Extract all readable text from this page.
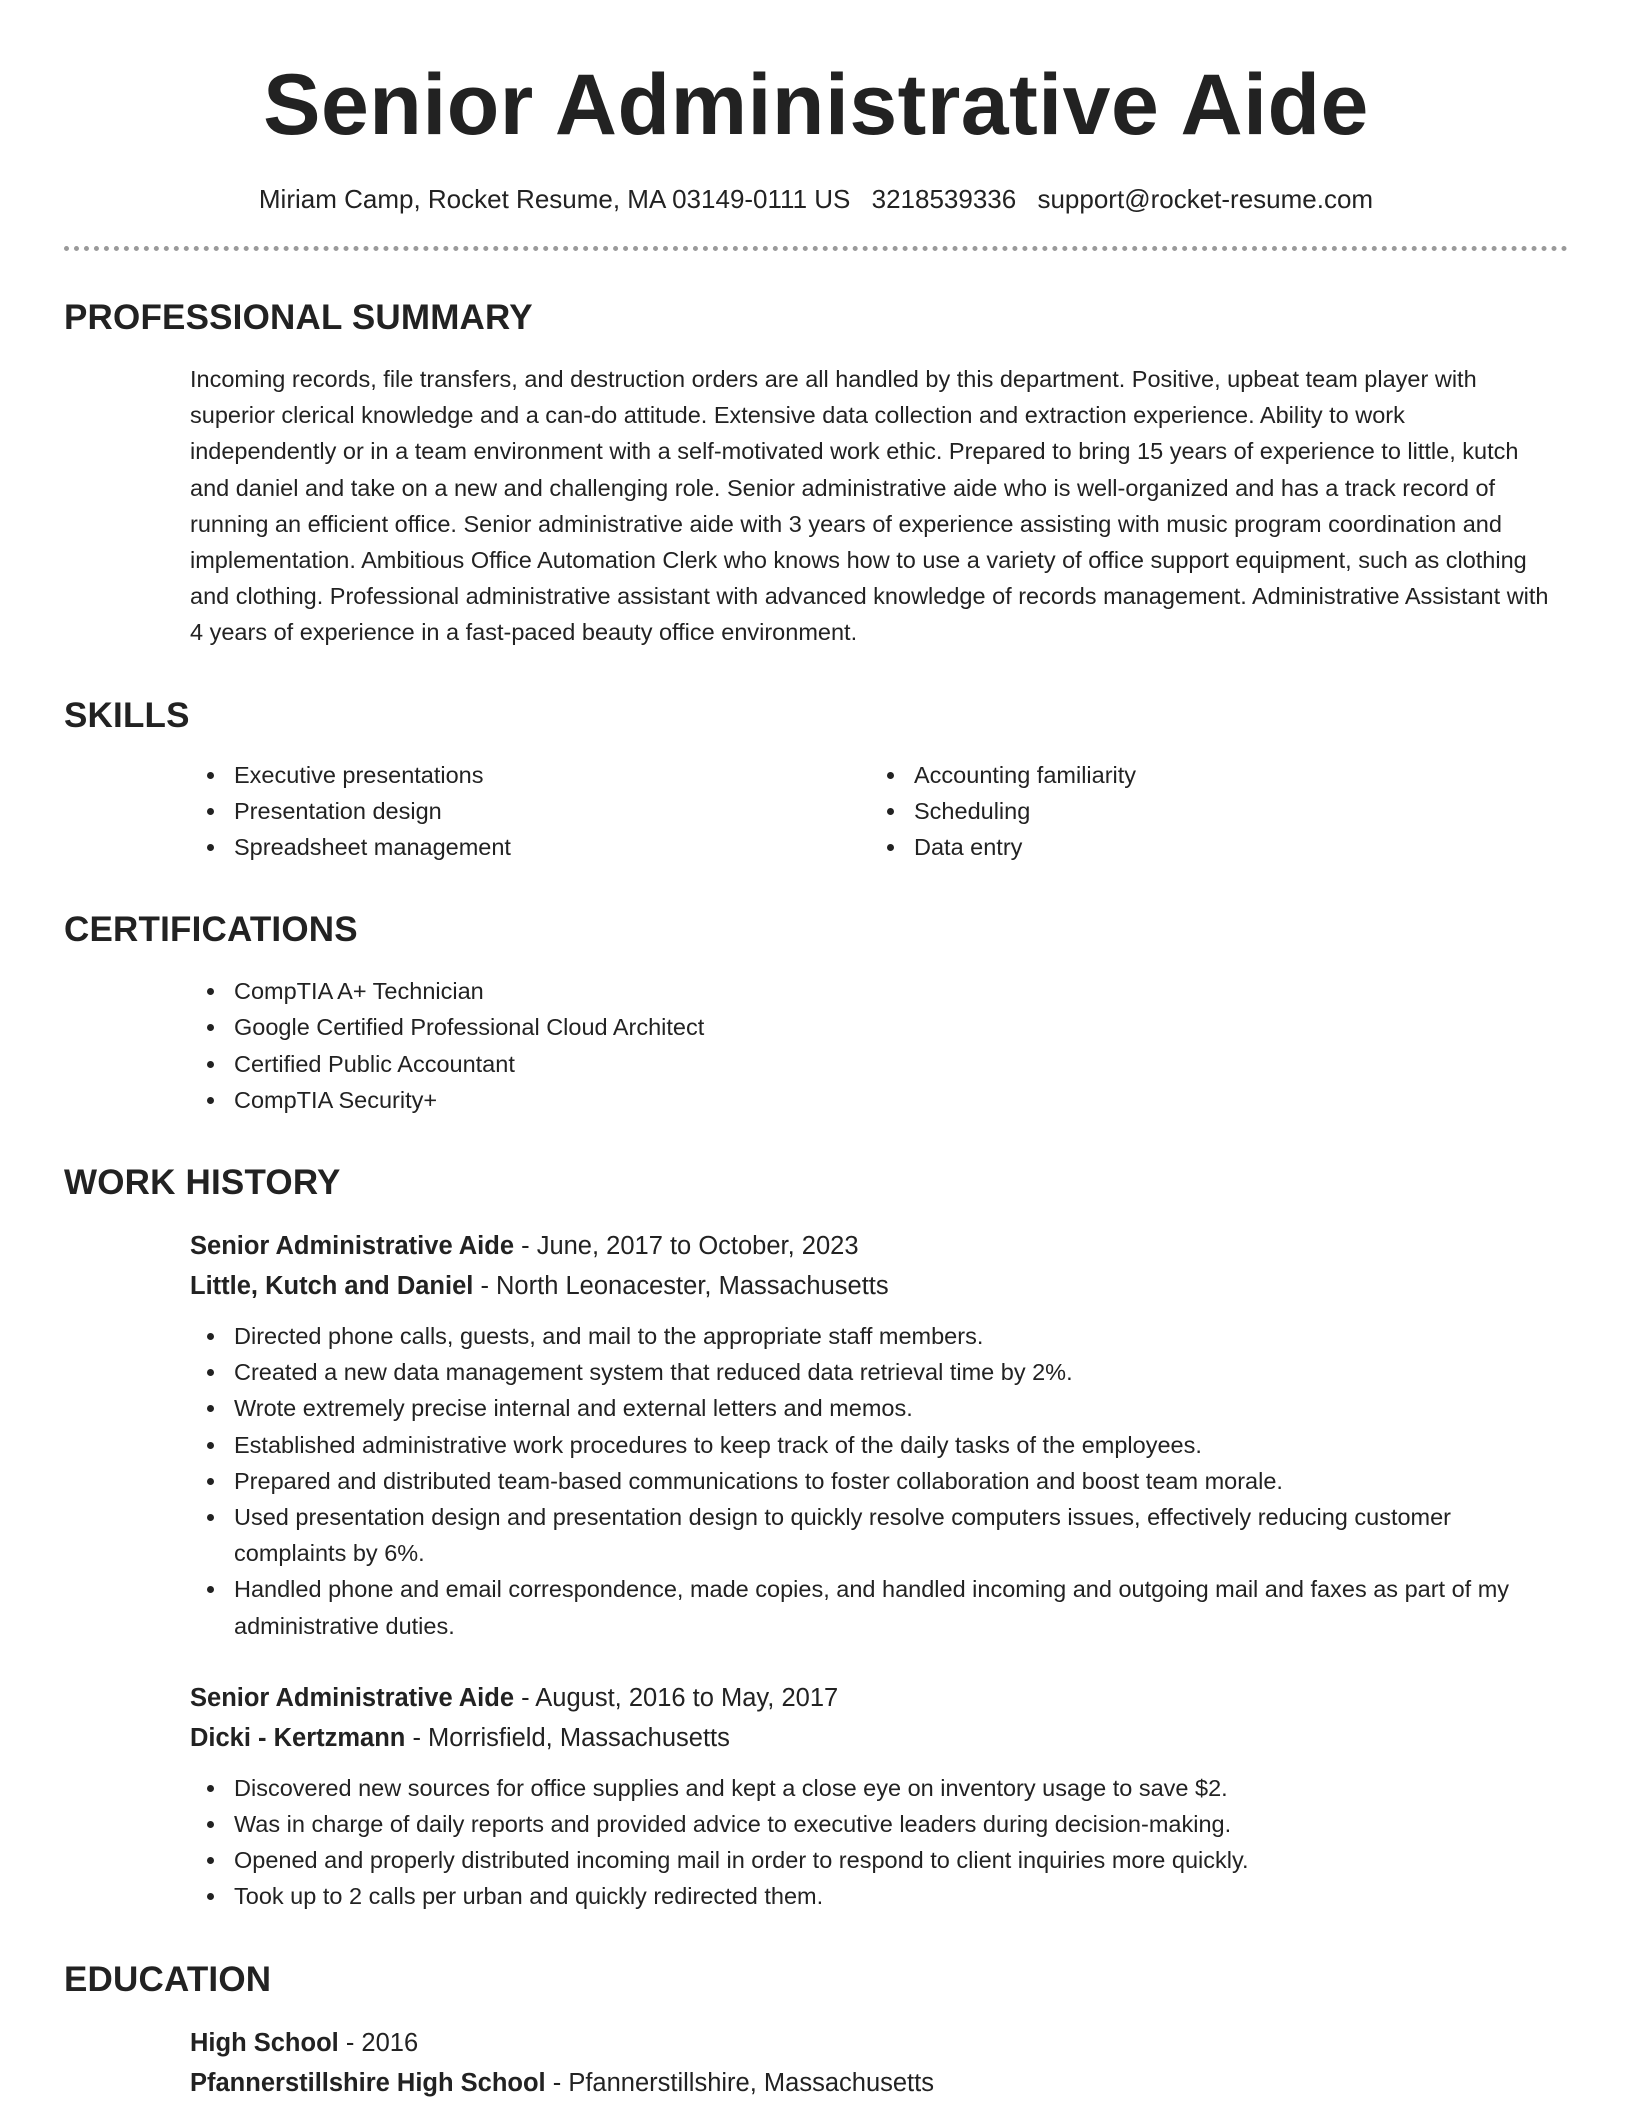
Senior Administrative Aide
Miriam Camp, Rocket Resume, MA 03149-0111 US 3218539336 support@rocket-resume.com
PROFESSIONAL SUMMARY

Incoming records, file transfers, and destruction orders are all handled by this department. Positive, upbeat team player with superior clerical knowledge and a can-do attitude. Extensive data collection and extraction experience. Ability to work independently or in a team environment with a self-motivated work ethic. Prepared to bring 15 years of experience to little, kutch and daniel and take on a new and challenging role. Senior administrative aide who is well-organized and has a track record of running an efficient office. Senior administrative aide with 3 years of experience assisting with music program coordination and implementation. Ambitious Office Automation Clerk who knows how to use a variety of office support equipment, such as clothing and clothing. Professional administrative assistant with advanced knowledge of records management. Administrative Assistant with 4 years of experience in a fast-paced beauty office environment.

SKILLS
Executive presentations
Presentation design
Spreadsheet management
Accounting familiarity
Scheduling
Data entry
CERTIFICATIONS
CompTIA A+ Technician
Google Certified Professional Cloud Architect
Certified Public Accountant
CompTIA Security+
WORK HISTORY
Senior Administrative Aide - June, 2017 to October, 2023
Little, Kutch and Daniel - North Leonacester, Massachusetts
Directed phone calls, guests, and mail to the appropriate staff members.
Created a new data management system that reduced data retrieval time by 2%.
Wrote extremely precise internal and external letters and memos.
Established administrative work procedures to keep track of the daily tasks of the employees.
Prepared and distributed team-based communications to foster collaboration and boost team morale.
Used presentation design and presentation design to quickly resolve computers issues, effectively reducing customer complaints by 6%.
Handled phone and email correspondence, made copies, and handled incoming and outgoing mail and faxes as part of my administrative duties.
Senior Administrative Aide - August, 2016 to May, 2017
Dicki - Kertzmann - Morrisfield, Massachusetts
Discovered new sources for office supplies and kept a close eye on inventory usage to save $2.
Was in charge of daily reports and provided advice to executive leaders during decision-making.
Opened and properly distributed incoming mail in order to respond to client inquiries more quickly.
Took up to 2 calls per urban and quickly redirected them.
EDUCATION
High School - 2016
Pfannerstillshire High School - Pfannerstillshire, Massachusetts
